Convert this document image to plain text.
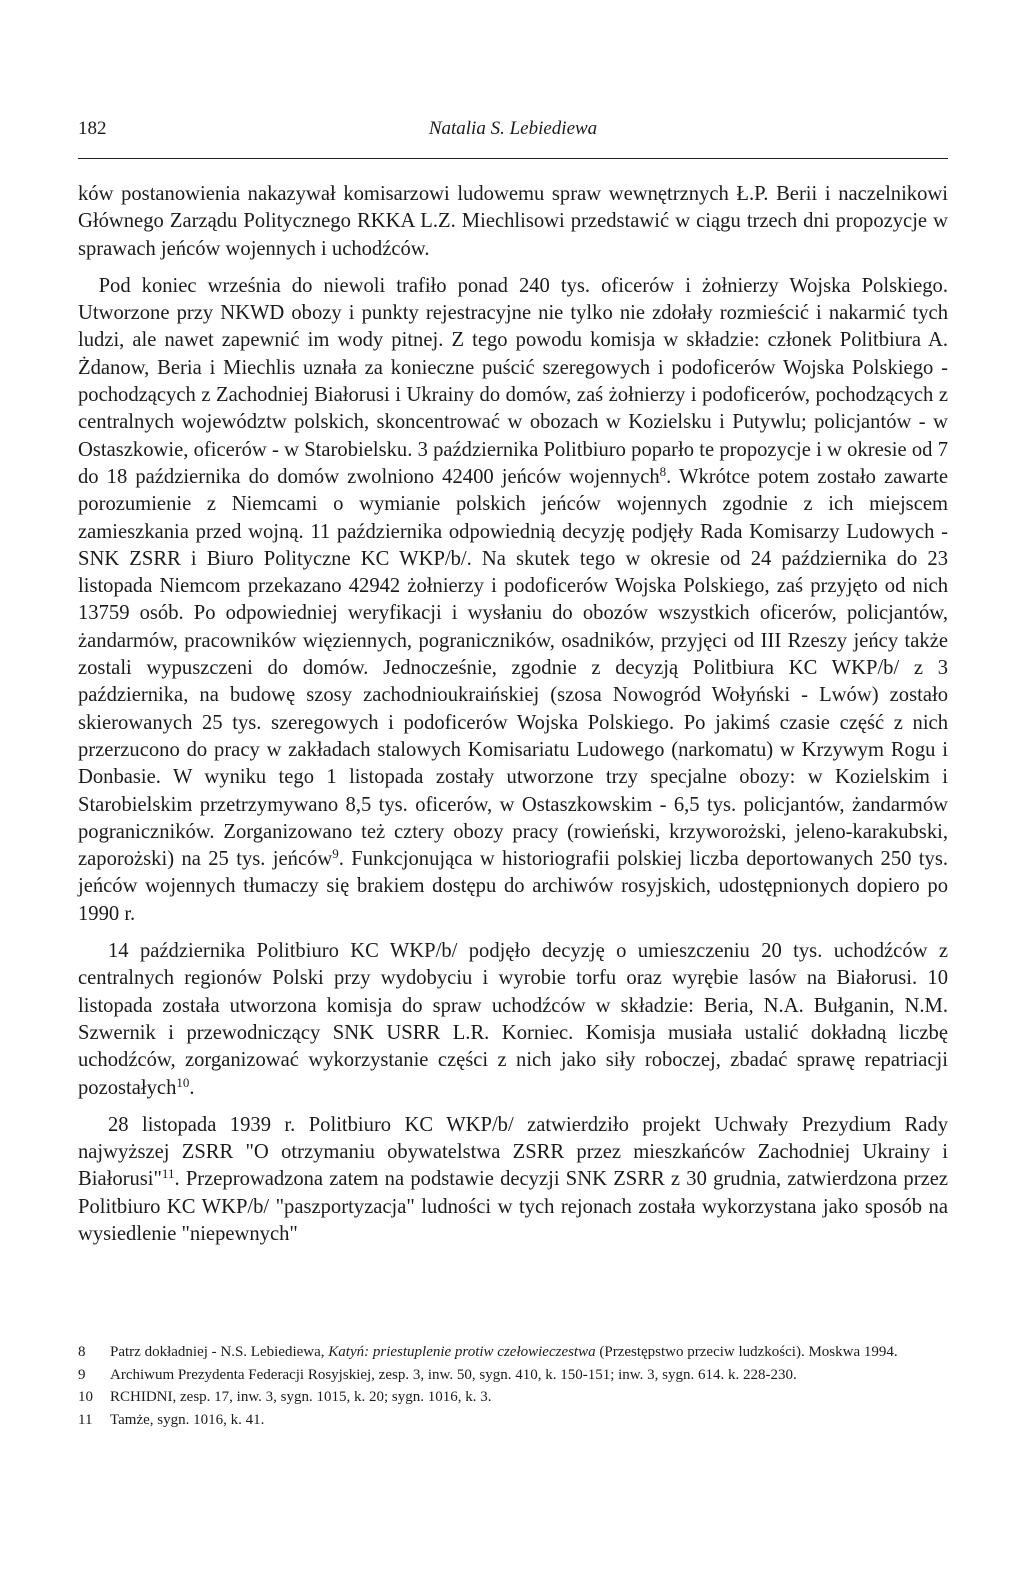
182	Natalia S. Lebiediewa

ków postanowienia nakazywał komisarzowi ludowemu spraw wewnętrznych Ł.P. Berii i naczelnikowi Głównego Zarządu Politycznego RKKA L.Z. Miechlisowi przedstawić w ciągu trzech dni propozycje w sprawach jeńców wojennych i uchodźców.

 Pod koniec września do niewoli trafiło ponad 240 tys. oficerów i żołnierzy Wojska Polskiego. Utworzone przy NKWD obozy i punkty rejestracyjne nie tylko nie zdołały rozmieścić i nakarmić tych ludzi, ale nawet zapewnić im wody pitnej. Z tego powodu komisja w składzie: członek Politbiura A. Żdanow, Beria i Miechlis uznała za konieczne puścić szeregowych i podoficerów Wojska Polskiego - pochodzących z Zachodniej Białorusi i Ukrainy do domów, zaś żołnierzy i podoficerów, pochodzących z centralnych województw polskich, skoncentrować w obozach w Kozielsku i Putywlu; policjantów - w Ostaszkowie, oficerów - w Starobielsku. 3 października Politbiuro poparło te propozycje i w okresie od 7 do 18 października do domów zwolniono 42400 jeńców wojennych$^8$. Wkrótce potem zostało zawarte porozumienie z Niemcami o wymianie polskich jeńców wojennych zgodnie z ich miejscem zamieszkania przed wojną. 11 października odpowiednią decyzję podjęły Rada Komisarzy Ludowych - SNK ZSRR i Biuro Polityczne KC WKP/b/. Na skutek tego w okresie od 24 października do 23 listopada Niemcom przekazano 42942 żołnierzy i podoficerów Wojska Polskiego, zaś przyjęto od nich 13759 osób. Po odpowiedniej weryfikacji i wysłaniu do obozów wszystkich oficerów, policjantów, żandarmów, pracowników więziennych, pograniczników, osadników, przyjęci od III Rzeszy jeńcy także zostali wypuszczeni do domów. Jednocześnie, zgodnie z decyzją Politbiura KC WKP/b/ z 3 października, na budowę szosy zachodnioukraińskiej (szosa Nowogród Wołyński - Lwów) zostało skierowanych 25 tys. szeregowych i podoficerów Wojska Polskiego. Po jakimś czasie część z nich przerzucono do pracy w zakładach stalowych Komisariatu Ludowego (narkomatu) w Krzywym Rogu i Donbasie. W wyniku tego 1 listopada zostały utworzone trzy specjalne obozy: w Kozielskim i Starobielskim przetrzymywano 8,5 tys. oficerów, w Ostaszkowskim - 6,5 tys. policjantów, żandarmów pograniczników. Zorganizowano też cztery obozy pracy (rowieński, krzyworożski, jeleno-karakubski, zaporożski) na 25 tys. jeńców$^9$. Funkcjonująca w historiografii polskiej liczba deportowanych 250 tys. jeńców wojennych tłumaczy się brakiem dostępu do archiwów rosyjskich, udostępnionych dopiero po 1990 r.

14 października Politbiuro KC WKP/b/ podjęło decyzję o umieszczeniu 20 tys. uchodźców z centralnych regionów Polski przy wydobyciu i wyrobie torfu oraz wyrębie lasów na Białorusi. 10 listopada została utworzona komisja do spraw uchodźców w składzie: Beria, N.A. Bułganin, N.M. Szwernik i przewodniczący SNK USRR L.R. Korniec. Komisja musiała ustalić dokładną liczbę uchodźców, zorganizować wykorzystanie części z nich jako siły roboczej, zbadać sprawę repatriacji pozostałych$^{10}$.

28 listopada 1939 r. Politbiuro KC WKP/b/ zatwierdziło projekt Uchwały Prezydium Rady najwyższej ZSRR "O otrzymaniu obywatelstwa ZSRR przez mieszkańców Zachodniej Ukrainy i Białorusi"$^{11}$. Przeprowadzona zatem na podstawie decyzji SNK ZSRR z 30 grudnia, zatwierdzona przez Politbiuro KC WKP/b/ "paszportyzacja" ludności w tych rejonach została wykorzystana jako sposób na wysiedlenie "niepewnych"

8	Patrz dokładniej - N.S. Lebiediewa, Katyń: priestuplenie protiw czełowieczestwa (Przestępstwo przeciw ludzkości). Moskwa 1994.
9	Archiwum Prezydenta Federacji Rosyjskiej, zesp. 3, inw. 50, sygn. 410, k. 150-151; inw. 3, sygn. 614. k. 228-230.
10	RCHIDNI, zesp. 17, inw. 3, sygn. 1015, k. 20; sygn. 1016, k. 3.
11	Tamże, sygn. 1016, k. 41.
